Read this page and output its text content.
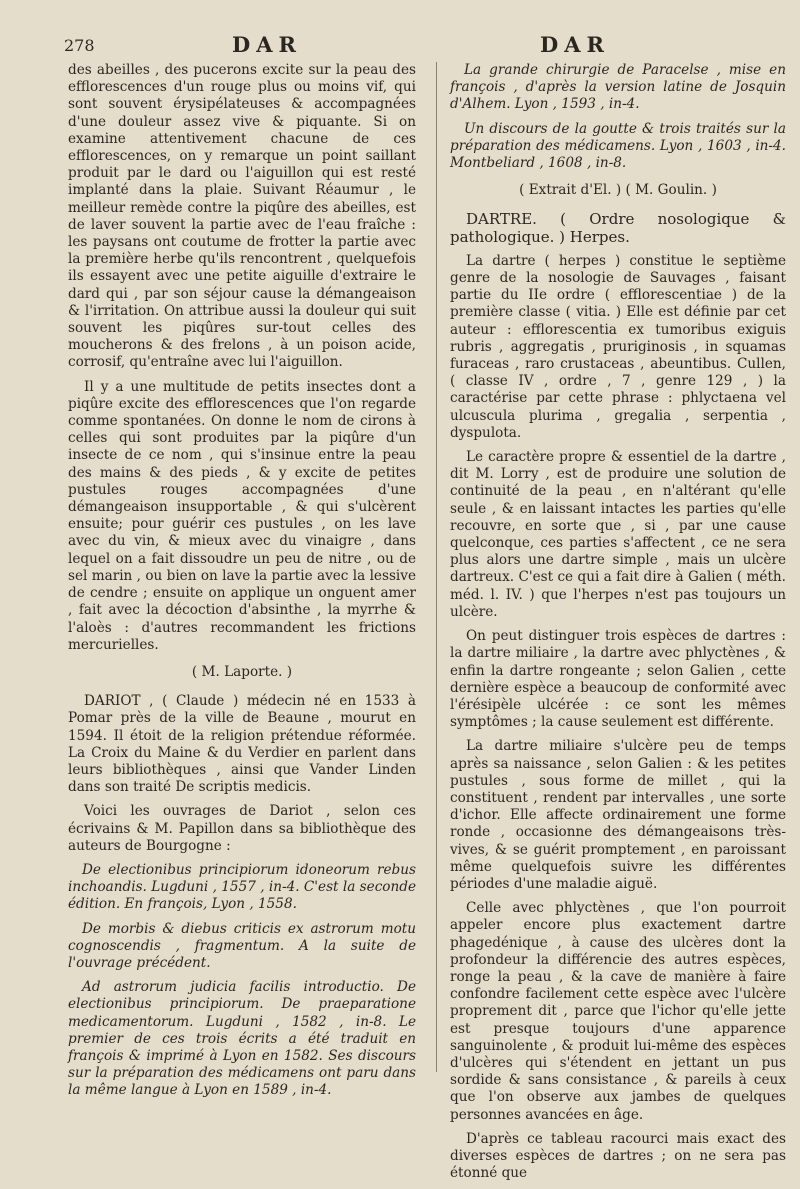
278	DAR	DAR

des abeilles , des pucerons excite sur la peau des efflorescences d'un rouge plus ou moins vif, qui sont souvent érysipélateuses & accompagnées d'une douleur assez vive & piquante. Si on examine attentivement chacune de ces efflorescences, on y remarque un point saillant produit par le dard ou l'aiguillon qui est resté implanté dans la plaie. Suivant Réaumur , le meilleur remède contre la piqûre des abeilles, est de laver souvent la partie avec de l'eau fraîche : les paysans ont coutume de frotter la partie avec la première herbe qu'ils rencontrent , quelquefois ils essayent avec une petite aiguille d'extraire le dard qui , par son séjour cause la démangeaison & l'irritation. On attribue aussi la douleur qui suit souvent les piqûres sur-tout celles des moucherons & des frelons , à un poison acide, corrosif, qu'entraîne avec lui l'aiguillon.

Il y a une multitude de petits insectes dont a piqûre excite des efflorescences que l'on regarde comme spontanées. On donne le nom de cirons à celles qui sont produites par la piqûre d'un insecte de ce nom , qui s'insinue entre la peau des mains & des pieds , & y excite de petites pustules rouges accompagnées d'une démangeaison insupportable , & qui s'ulcèrent ensuite; pour guérir ces pustules , on les lave avec du vin, & mieux avec du vinaigre , dans lequel on a fait dissoudre un peu de nitre , ou de sel marin , ou bien on lave la partie avec la lessive de cendre ; ensuite on applique un onguent amer , fait avec la décoction d'absinthe , la myrrhe & l'aloès : d'autres recommandent les frictions mercurielles.

( M. Laporte. )

DARIOT , ( Claude ) médecin né en 1533 à Pomar près de la ville de Beaune , mourut en 1594. Il étoit de la religion prétendue réformée. La Croix du Maine & du Verdier en parlent dans leurs bibliothèques , ainsi que Vander Linden dans son traité De scriptis medicis.

Voici les ouvrages de Dariot , selon ces écrivains & M. Papillon dans sa bibliothèque des auteurs de Bourgogne :

De electionibus principiorum idoneorum rebus inchoandis. Lugduni , 1557 , in-4. C'est la seconde édition. En françois, Lyon , 1558.

De morbis & diebus criticis ex astrorum motu cognoscendis , fragmentum. A la suite de l'ouvrage précédent.

Ad astrorum judicia facilis introductio. De electionibus principiorum. De praeparatione medicamentorum. Lugduni , 1582 , in-8. Le premier de ces trois écrits a été traduit en françois & imprimé à Lyon en 1582. Ses discours sur la préparation des médicamens ont paru dans la même langue à Lyon en 1589 , in-4.

La grande chirurgie de Paracelse , mise en françois , d'après la version latine de Josquin d'Alhem. Lyon , 1593 , in-4.

Un discours de la goutte & trois traités sur la préparation des médicamens. Lyon , 1603 , in-4. Montbeliard , 1608 , in-8.

( Extrait d'El. ) ( M. Goulin. )

DARTRE. ( Ordre nosologique & pathologique. ) Herpes.

La dartre ( herpes ) constitue le septième genre de la nosologie de Sauvages , faisant partie du IIe ordre ( efflorescentiae ) de la première classe ( vitia. ) Elle est définie par cet auteur : efflorescentia ex tumoribus exiguis rubris , aggregatis , pruriginosis , in squamas furaceas , raro crustaceas , abeuntibus. Cullen, ( classe IV , ordre , 7 , genre 129 , ) la caractérise par cette phrase : phlyctaena vel ulcuscula plurima , gregalia , serpentia , dyspulota.

Le caractère propre & essentiel de la dartre , dit M. Lorry , est de produire une solution de continuité de la peau , en n'altérant qu'elle seule , & en laissant intactes les parties qu'elle recouvre, en sorte que , si , par une cause quelconque, ces parties s'affectent , ce ne sera plus alors une dartre simple , mais un ulcère dartreux. C'est ce qui a fait dire à Galien ( méth. méd. l. IV. ) que l'herpes n'est pas toujours un ulcère.

On peut distinguer trois espèces de dartres : la dartre miliaire , la dartre avec phlyctènes , & enfin la dartre rongeante ; selon Galien , cette dernière espèce a beaucoup de conformité avec l'érésipèle ulcérée : ce sont les mêmes symptômes ; la cause seulement est différente.

La dartre miliaire s'ulcère peu de temps après sa naissance , selon Galien : & les petites pustules , sous forme de millet , qui la constituent , rendent par intervalles , une sorte d'ichor. Elle affecte ordinairement une forme ronde , occasionne des démangeaisons très-vives, & se guérit promptement , en paroissant même quelquefois suivre les différentes périodes d'une maladie aiguë.

Celle avec phlyctènes , que l'on pourroit appeler encore plus exactement dartre phagedénique , à cause des ulcères dont la profondeur la différencie des autres espèces, ronge la peau , & la cave de manière à faire confondre facilement cette espèce avec l'ulcère proprement dit , parce que l'ichor qu'elle jette est presque toujours d'une apparence sanguinolente , & produit lui-même des espèces d'ulcères qui s'étendent en jettant un pus sordide & sans consistance , & pareils à ceux que l'on observe aux jambes de quelques personnes avancées en âge.

D'après ce tableau racourci mais exact des diverses espèces de dartres ; on ne sera pas étonné que
